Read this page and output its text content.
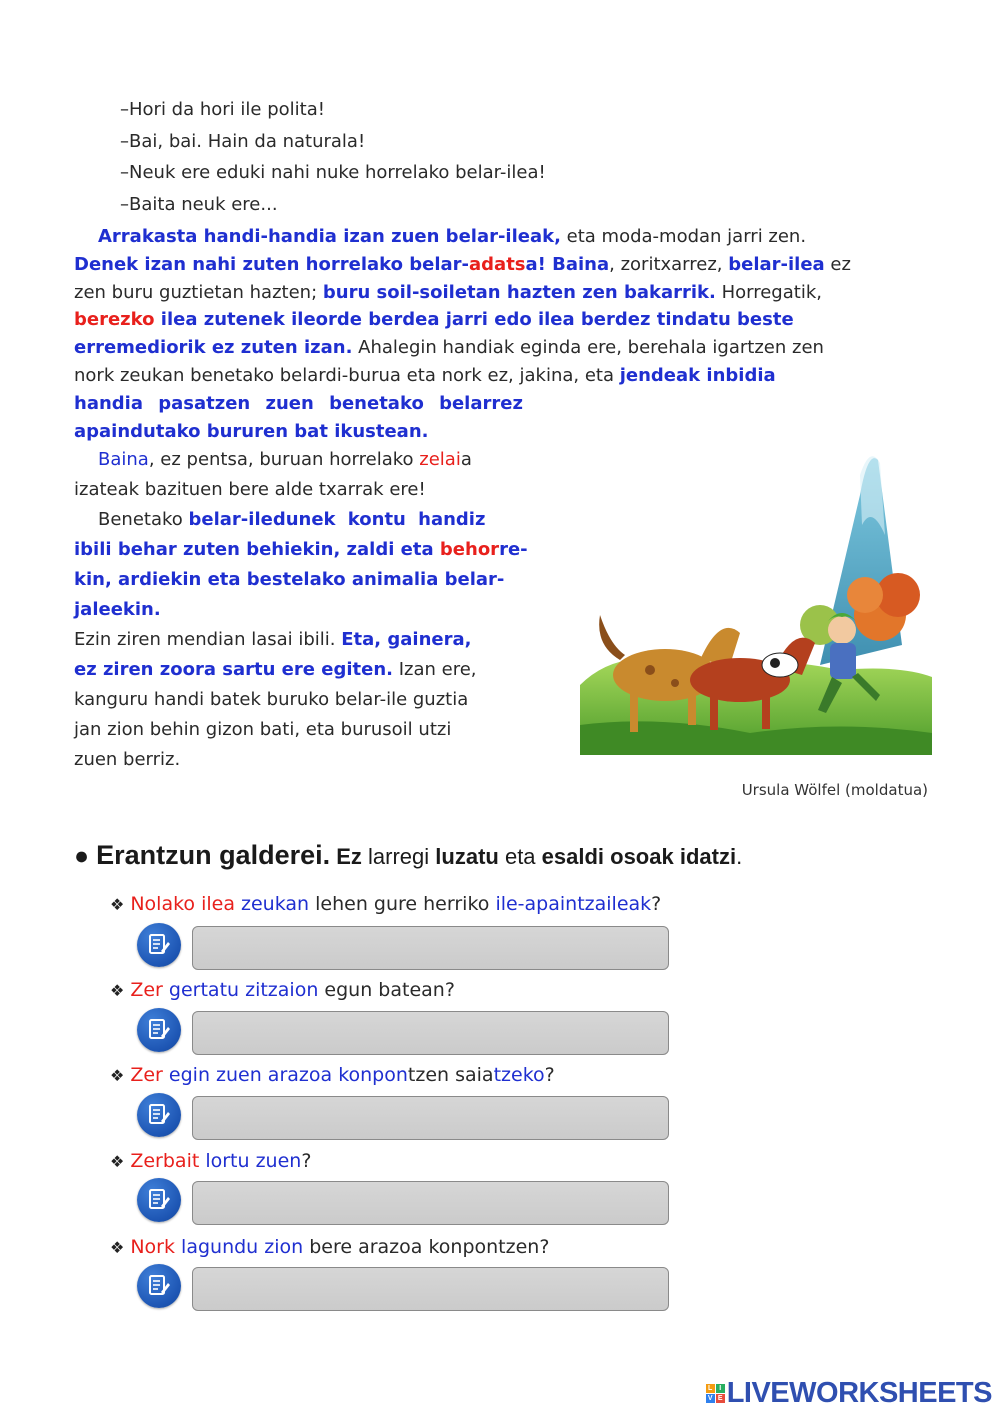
–Hori da hori ile polita!
–Bai, bai. Hain da naturala!
–Neuk ere eduki nahi nuke horrelako belar-ilea!
–Baita neuk ere...
Arrakasta handi-handia izan zuen belar-ileak, eta moda-modan jarri zen.
Denek izan nahi zuten horrelako belar-adatsa! Baina, zoritxarrez, belar-ilea ez
zen buru guztietan hazten; buru soil-soiletan hazten zen bakarrik. Horregatik,
berezko ilea zutenek ileorde berdea jarri edo ilea berdez tindatu beste
erremediorik ez zuten izan. Ahalegin handiak eginda ere, berehala igartzen zen
nork zeukan benetako belardi-burua eta nork ez, jakina, eta jendeak inbidia
handia pasatzen zuen benetako belarrez
apaindutako bururen bat ikustean.
Baina, ez pentsa, buruan horrelako zelaia
izateak bazituen bere alde txarrak ere!
Benetako belar-iledunek kontu handiz
ibili behar zuten behiekin, zaldi eta behorre-
kin, ardiekin eta bestelako animalia belar-
jaleekin.
Ezin ziren mendian lasai ibili. Eta, gainera,
ez ziren zoora sartu ere egiten. Izan ere,
kanguru handi batek buruko belar-ile guztia
jan zion behin gizon bati, eta burusoil utzi
zuen berriz.
Ursula Wölfel (moldatua)
● Erantzun galderei. Ez larregi luzatu eta esaldi osoak idatzi.
❖ Nolako ilea zeukan lehen gure herriko ile-apaintzaileak?
❖ Zer gertatu zitzaion egun batean?
❖ Zer egin zuen arazoa konpontzen saiatzeko?
❖ Zerbait lortu zuen?
❖ Nork lagundu zion bere arazoa konpontzen?
L I
V E LIVEWORKSHEETS
